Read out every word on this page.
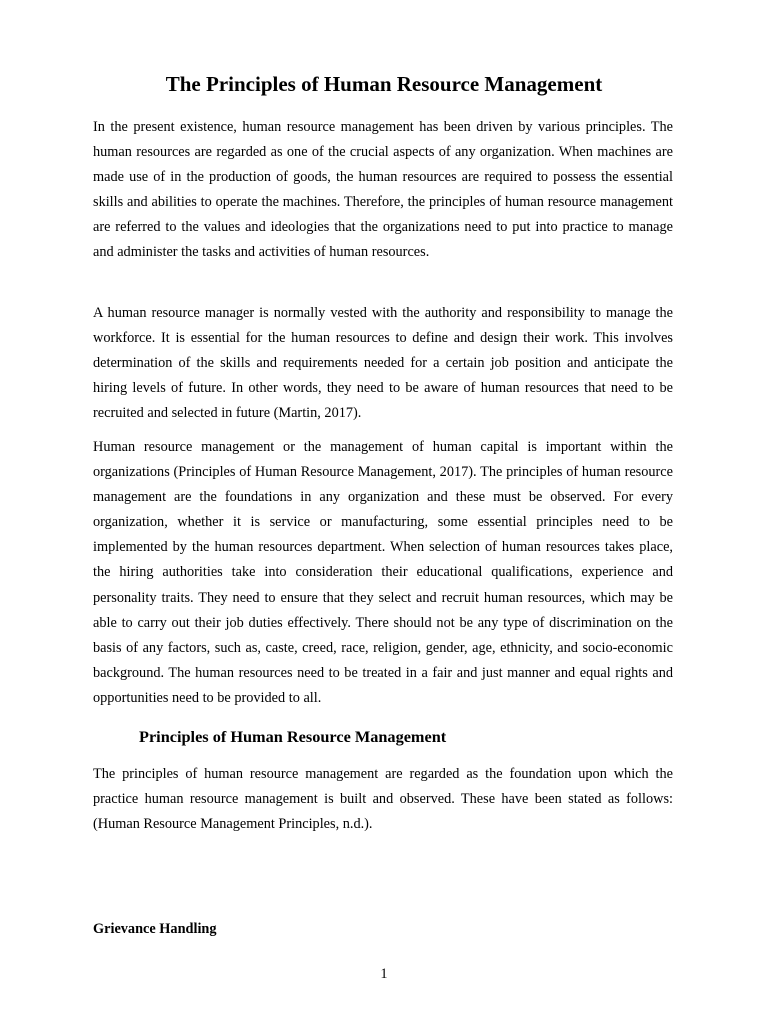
The Principles of Human Resource Management

In the present existence, human resource management has been driven by various principles. The human resources are regarded as one of the crucial aspects of any organization. When machines are made use of in the production of goods, the human resources are required to possess the essential skills and abilities to operate the machines. Therefore, the principles of human resource management are referred to the values and ideologies that the organizations need to put into practice to manage and administer the tasks and activities of human resources.

A human resource manager is normally vested with the authority and responsibility to manage the workforce. It is essential for the human resources to define and design their work. This involves determination of the skills and requirements needed for a certain job position and anticipate the hiring levels of future. In other words, they need to be aware of human resources that need to be recruited and selected in future (Martin, 2017).

Human resource management or the management of human capital is important within the organizations (Principles of Human Resource Management, 2017). The principles of human resource management are the foundations in any organization and these must be observed. For every organization, whether it is service or manufacturing, some essential principles need to be implemented by the human resources department. When selection of human resources takes place, the hiring authorities take into consideration their educational qualifications, experience and personality traits. They need to ensure that they select and recruit human resources, which may be able to carry out their job duties effectively. There should not be any type of discrimination on the basis of any factors, such as, caste, creed, race, religion, gender, age, ethnicity, and socio-economic background. The human resources need to be treated in a fair and just manner and equal rights and opportunities need to be provided to all.

Principles of Human Resource Management

The principles of human resource management are regarded as the foundation upon which the practice human resource management is built and observed. These have been stated as follows: (Human Resource Management Principles, n.d.).

Grievance Handling
1
